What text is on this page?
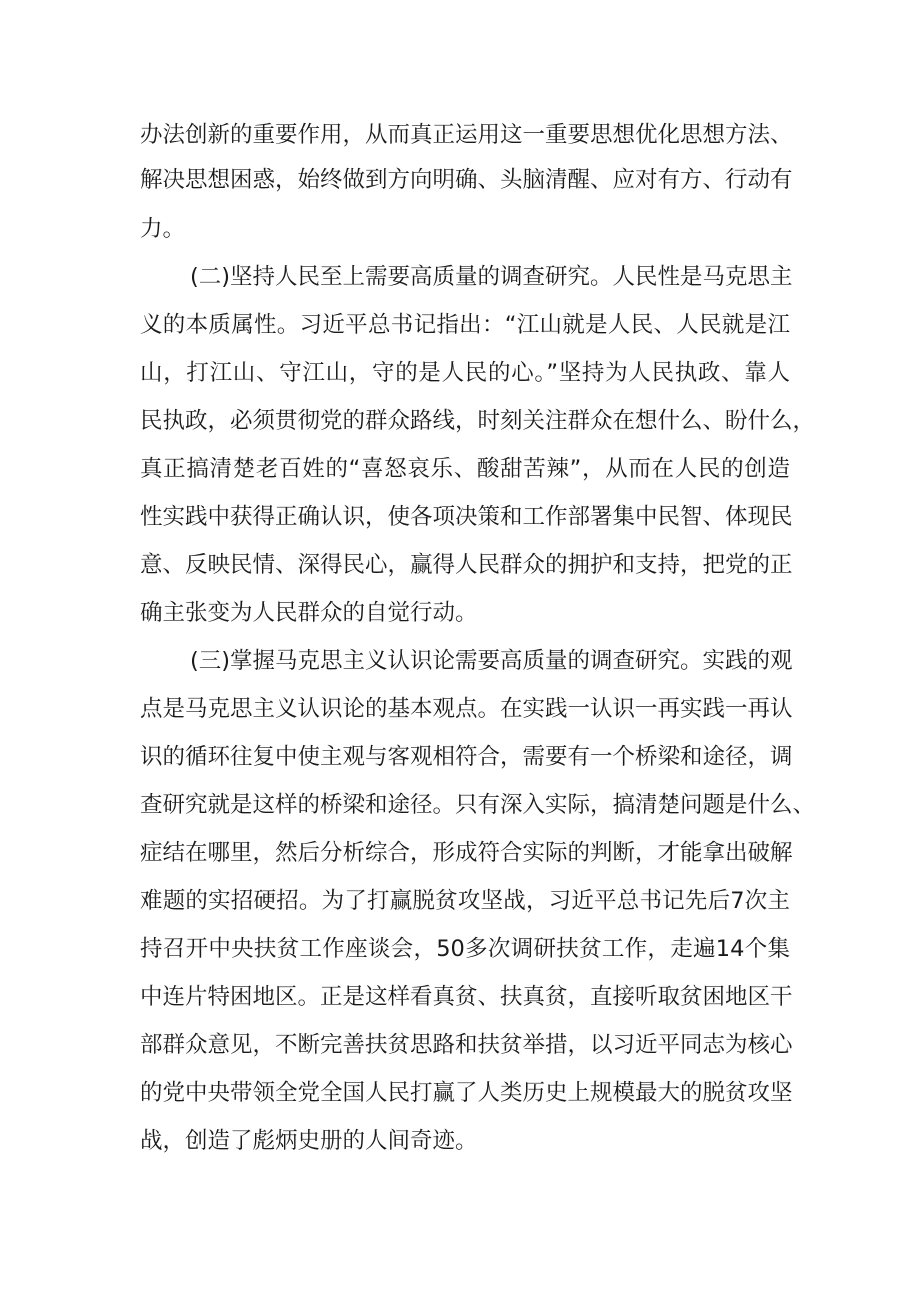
办法创新的重要作用，从而真正运用这一重要思想优化思想方法、
解决思想困惑，始终做到方向明确、头脑清醒、应对有方、行动有
力。
(二)坚持人民至上需要高质量的调查研究。人民性是马克思主
义的本质属性。习近平总书记指出：“江山就是人民、人民就是江
山，打江山、守江山，守的是人民的心。”坚持为人民执政、靠人
民执政，必须贯彻党的群众路线，时刻关注群众在想什么、盼什么，
真正搞清楚老百姓的“喜怒哀乐、酸甜苦辣”，从而在人民的创造
性实践中获得正确认识，使各项决策和工作部署集中民智、体现民
意、反映民情、深得民心，赢得人民群众的拥护和支持，把党的正
确主张变为人民群众的自觉行动。
(三)掌握马克思主义认识论需要高质量的调查研究。实践的观
点是马克思主义认识论的基本观点。在实践一认识一再实践一再认
识的循环往复中使主观与客观相符合，需要有一个桥梁和途径，调
查研究就是这样的桥梁和途径。只有深入实际，搞清楚问题是什么、
症结在哪里，然后分析综合，形成符合实际的判断，才能拿出破解
难题的实招硬招。为了打赢脱贫攻坚战，习近平总书记先后7次主
持召开中央扶贫工作座谈会，50多次调研扶贫工作，走遍14个集
中连片特困地区。正是这样看真贫、扶真贫，直接听取贫困地区干
部群众意见，不断完善扶贫思路和扶贫举措，以习近平同志为核心
的党中央带领全党全国人民打赢了人类历史上规模最大的脱贫攻坚
战，创造了彪炳史册的人间奇迹。
